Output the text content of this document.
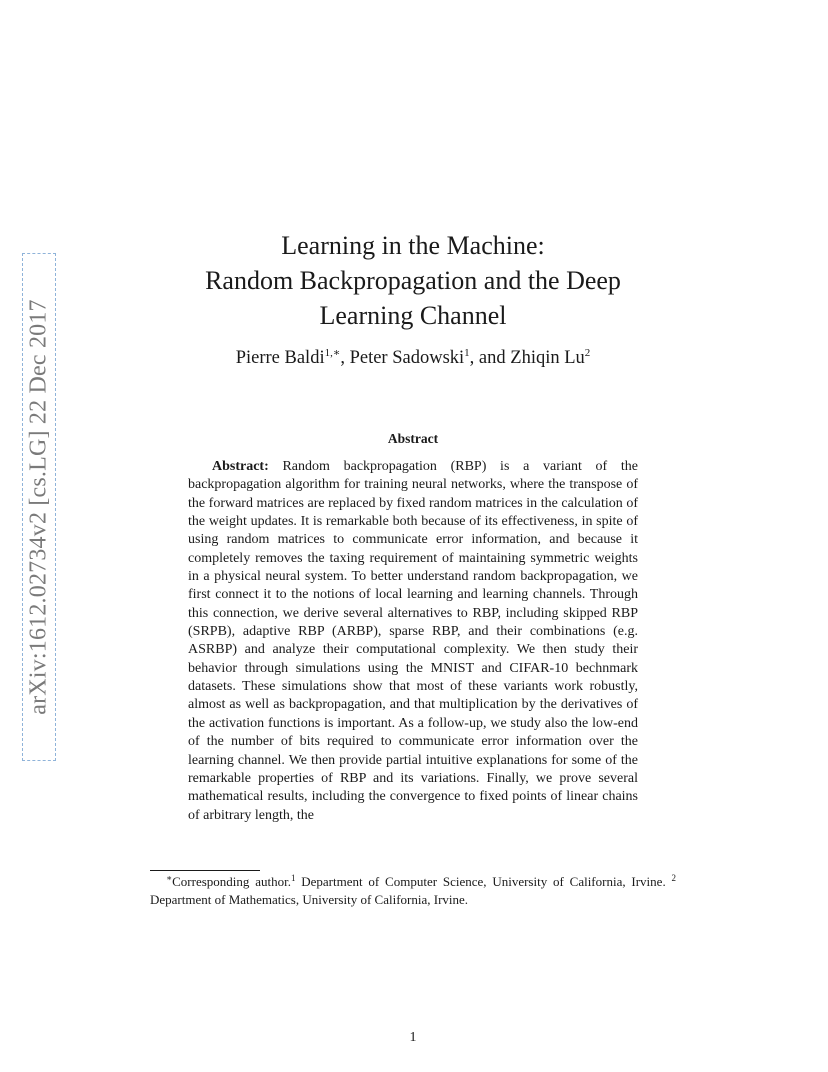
arXiv:1612.02734v2 [cs.LG] 22 Dec 2017
Learning in the Machine:
Random Backpropagation and the Deep
Learning Channel
Pierre Baldi$^{1,∗}$, Peter Sadowski$^1$, and Zhiqin Lu$^2$
Abstract
Abstract: Random backpropagation (RBP) is a variant of the backpropagation algorithm for training neural networks, where the transpose of the forward matrices are replaced by fixed random matrices in the calculation of the weight updates. It is remarkable both because of its effectiveness, in spite of using random matrices to communicate error information, and because it completely removes the taxing requirement of maintaining symmetric weights in a physical neural system. To better understand random backpropagation, we first connect it to the notions of local learning and learning channels. Through this connection, we derive several alternatives to RBP, including skipped RBP (SRPB), adaptive RBP (ARBP), sparse RBP, and their combinations (e.g. ASRBP) and analyze their computational complexity. We then study their behavior through simulations using the MNIST and CIFAR-10 bechnmark datasets. These simulations show that most of these variants work robustly, almost as well as backpropagation, and that multiplication by the derivatives of the activation functions is important. As a follow-up, we study also the low-end of the number of bits required to communicate error information over the learning channel. We then provide partial intuitive explanations for some of the remarkable properties of RBP and its variations. Finally, we prove several mathematical results, including the convergence to fixed points of linear chains of arbitrary length, the
∗Corresponding author.$^1$ Department of Computer Science, University of California, Irvine. $^2$ Department of Mathematics, University of California, Irvine.
1
